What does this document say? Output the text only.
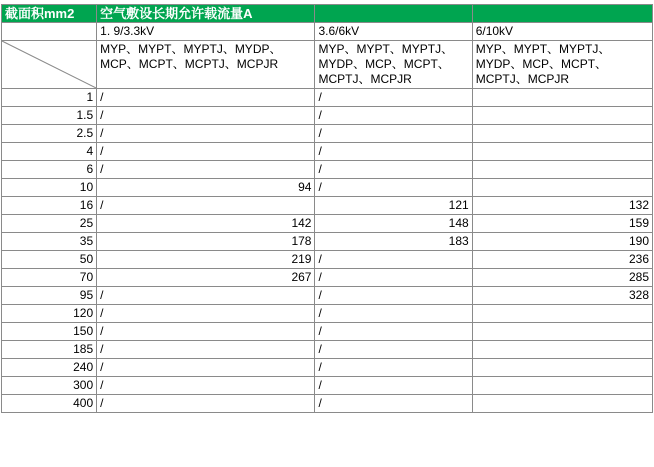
截面积mm2	空气敷设长期允许载流量A		
	1. 9/3.3kV	3.6/6kV	6/10kV

	MYP、MYPT、MYPTJ、MYDP、MCP、MCPT、MCPTJ、MCPJR	MYP、MYPT、MYPTJ、MYDP、MCP、MCPT、MCPTJ、MCPJR	MYP、MYPT、MYPTJ、MYDP、MCP、MCPT、MCPTJ、MCPJR
1	/	/	
1.5	/	/	
2.5	/	/	
4	/	/	
6	/	/	
10	94	/	
16	/	121	132
25	142	148	159
35	178	183	190
50	219	/	236
70	267	/	285
95	/	/	328
120	/	/	
150	/	/	
185	/	/	
240	/	/	
300	/	/	
400	/	/	
